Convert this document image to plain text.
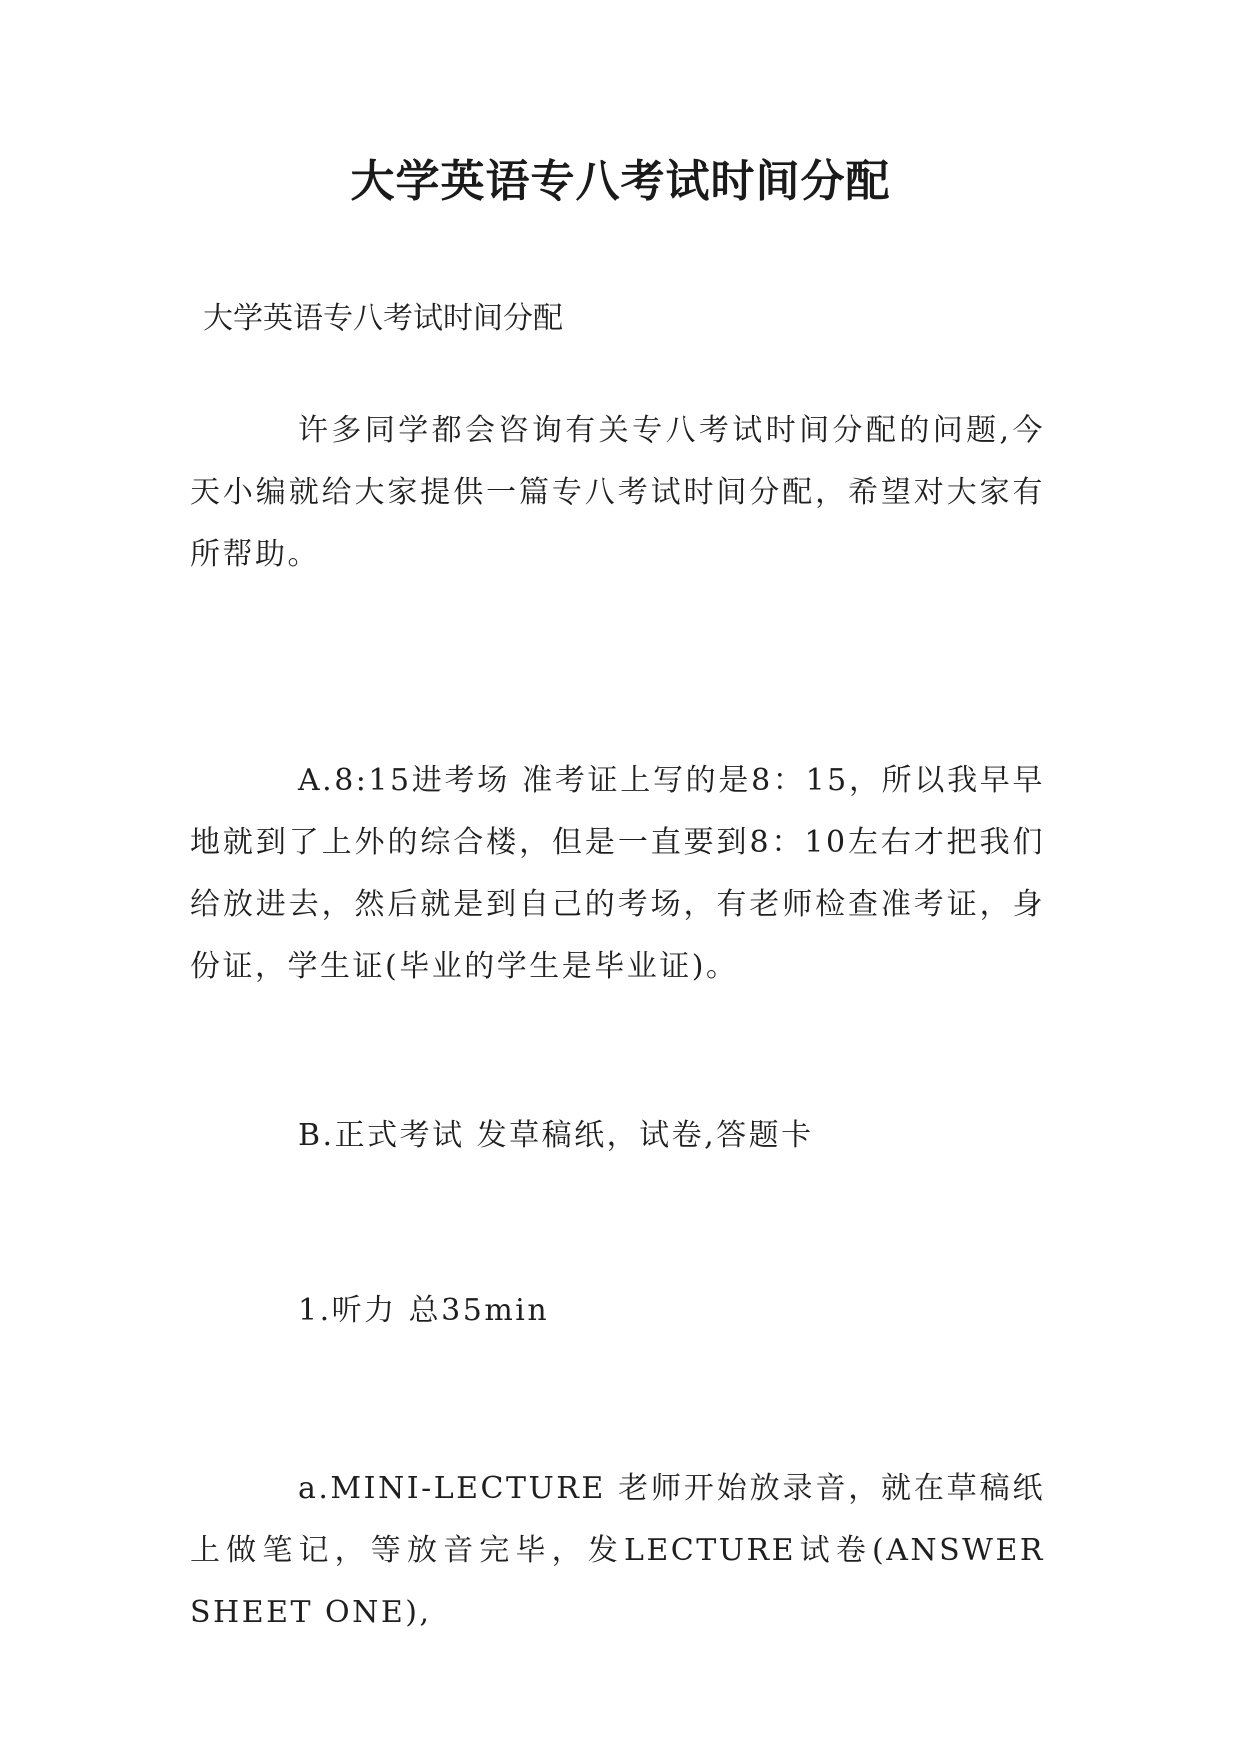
大学英语专八考试时间分配

大学英语专八考试时间分配

许多同学都会咨询有关专八考试时间分配的问题,今天小编就给大家提供一篇专八考试时间分配，希望对大家有所帮助。

A.8:15进考场 准考证上写的是8：15，所以我早早地就到了上外的综合楼，但是一直要到8：10左右才把我们给放进去，然后就是到自己的考场，有老师检查准考证，身份证，学生证(毕业的学生是毕业证)。

B.正式考试 发草稿纸，试卷,答题卡

1.听力 总35min

a.MINI-LECTURE 老师开始放录音，就在草稿纸上做笔记，等放音完毕，发LECTURE试卷(ANSWER SHEET ONE),
